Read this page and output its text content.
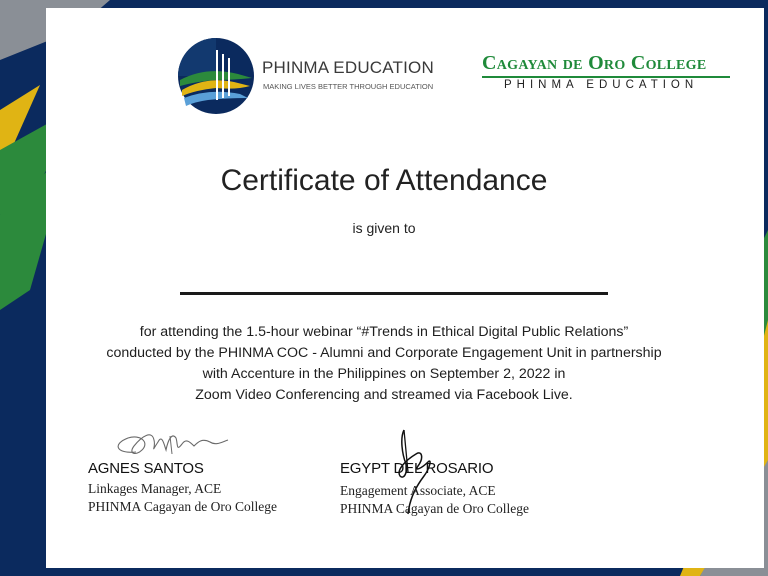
PHINMA EDUCATION
MAKING LIVES BETTER THROUGH EDUCATION
Cagayan de Oro College
PHINMA EDUCATION
Certificate of Attendance
is given to
for attending the 1.5-hour webinar “#Trends in Ethical Digital Public Relations”
conducted by the PHINMA COC - Alumni and Corporate Engagement Unit in partnership
with Accenture in the Philippines on September 2, 2022 in
Zoom Video Conferencing and streamed via Facebook Live.
AGNES SANTOS
Linkages Manager, ACE
PHINMA Cagayan de Oro College
EGYPT DEL ROSARIO
Engagement Associate, ACE
PHINMA Cagayan de Oro College
